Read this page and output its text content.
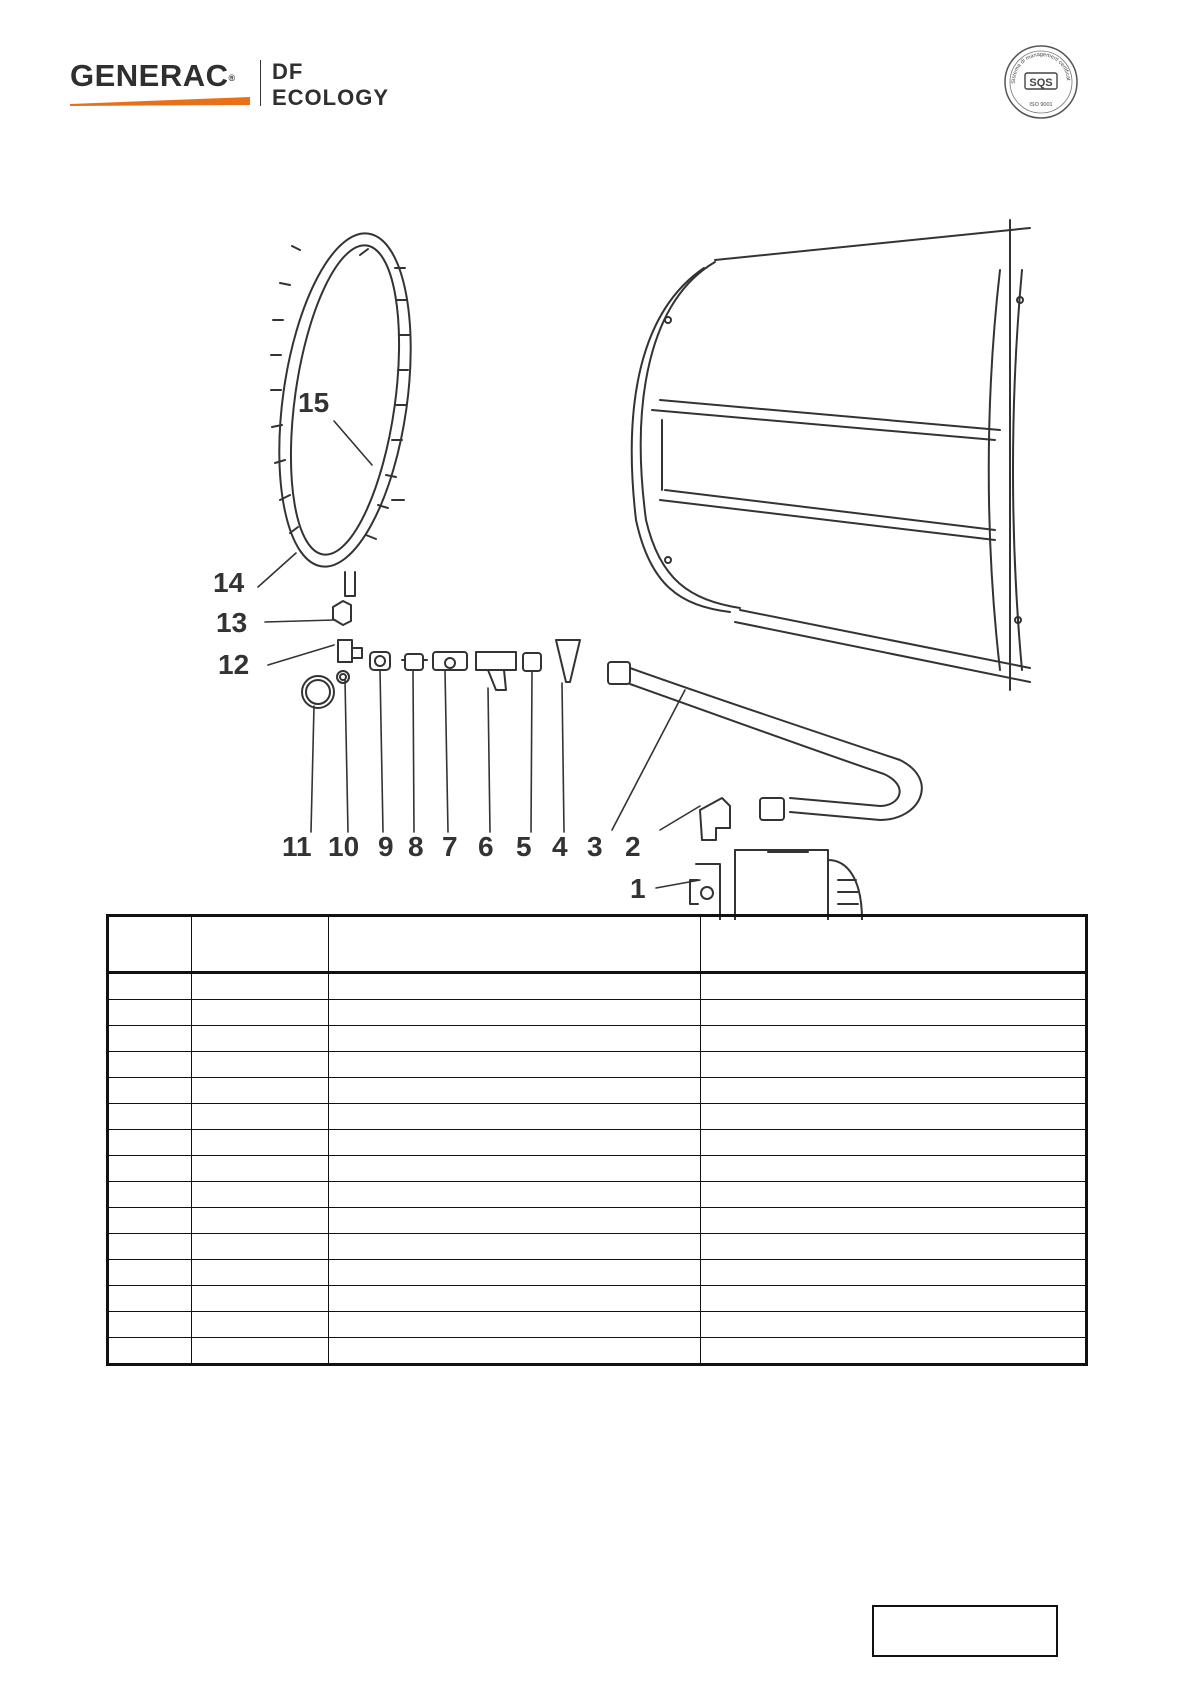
GENERAC® DF
ECOLOGY
Sistema di management certificat
SQS
ISO 9001
1
2
3
4
5
6
7
8
9
10
11
12
13
14
15
